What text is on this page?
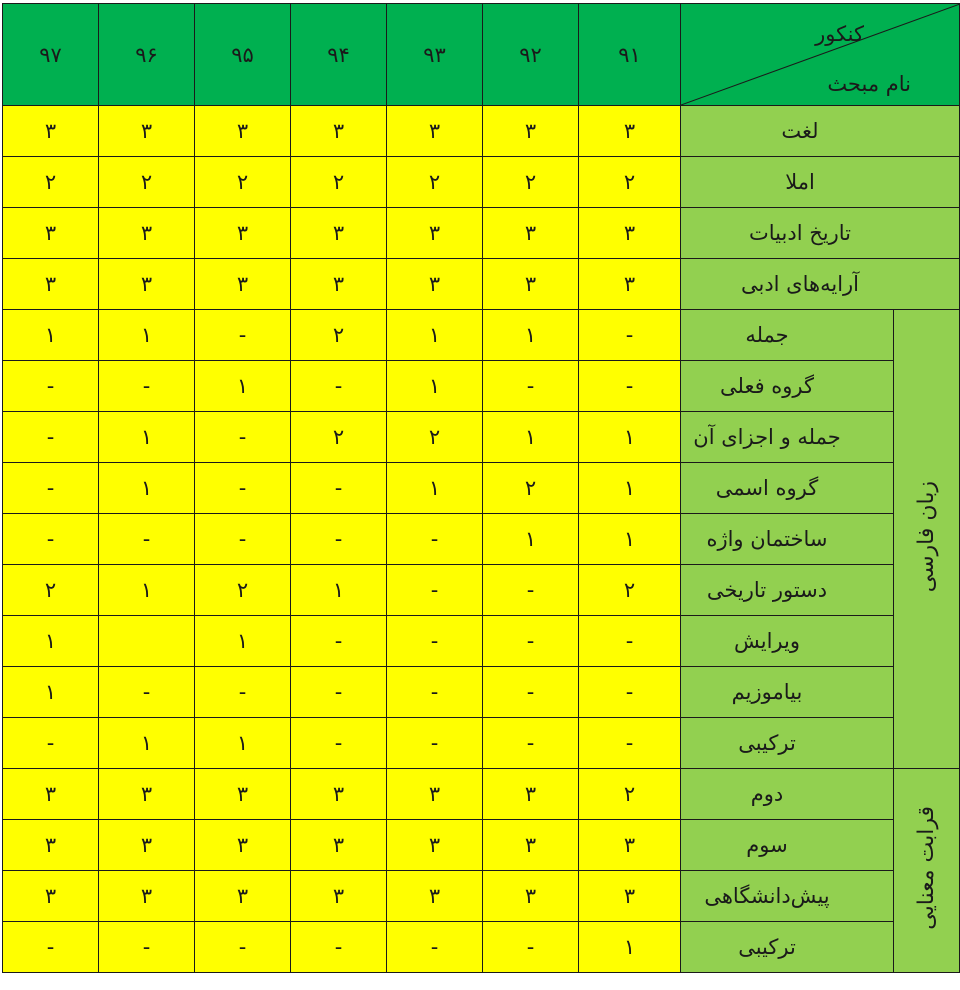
۹۷	۹۶	۹۵	۹۴	۹۳	۹۲	۹۱	کنکور
نام مبحث	

۳	۳	۳	۳	۳	۳	۳	لغت	
۲	۲	۲	۲	۲	۲	۲	املا	
۳	۳	۳	۳	۳	۳	۳	تاریخ ادبیات	
۳	۳	۳	۳	۳	۳	۳	آرایه‌های ادبی	
۱	۱	-	۲	۱	۱	-	جمله	زبان فارسی
-	-	۱	-	۱	-	-	گروه فعلی	
-	۱	-	۲	۲	۱	۱	جمله و اجزای آن	
-	۱	-	-	۱	۲	۱	گروه اسمی	
-	-	-	-	-	۱	۱	ساختمان واژه	
۲	۱	۲	۱	-	-	۲	دستور تاریخی	
۱		۱	-	-	-	-	ویرایش	
۱	-	-	-	-	-	-	بیاموزیم	
-	۱	۱	-	-	-	-	ترکیبی	
۳	۳	۳	۳	۳	۳	۲	دوم	قرابت معنایی
۳	۳	۳	۳	۳	۳	۳	سوم	
۳	۳	۳	۳	۳	۳	۳	پیش‌دانشگاهی	
-	-	-	-	-	-	۱	ترکیبی	
